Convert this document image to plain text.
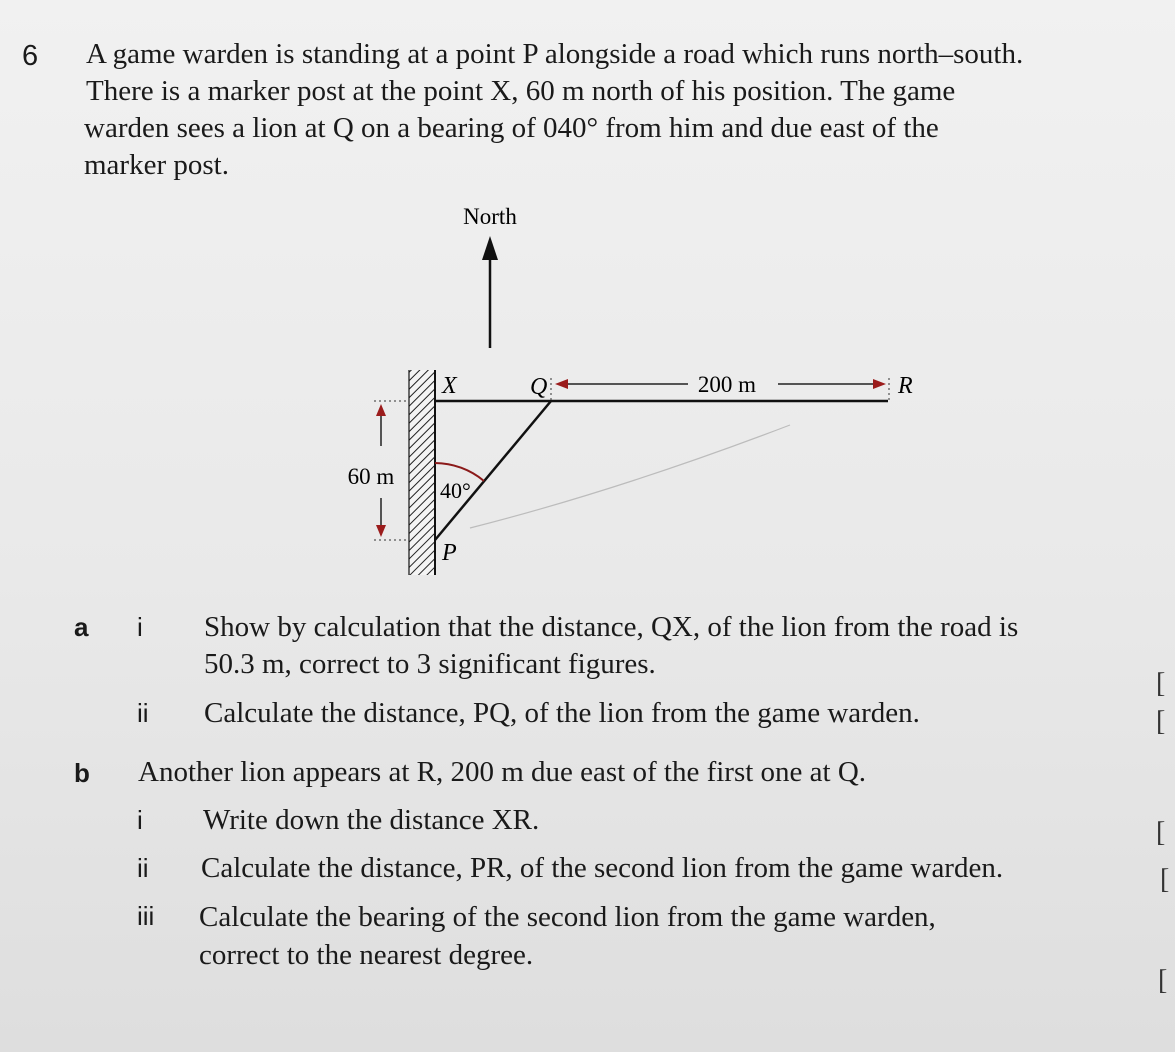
6 A game warden is standing at a point P alongside a road which runs north–south.
There is a marker post at the point X, 60 m north of his position. The game
warden sees a lion at Q on a bearing of 040° from him and due east of the
marker post.
North
X	Q	R
P
40°
200 m
60 m
a i Show by calculation that the distance, QX, of the lion from the road is
50.3 m, correct to 3 significant figures.
[
ii Calculate the distance, PQ, of the lion from the game warden.	[
b Another lion appears at R, 200 m due east of the first one at Q.
i Write down the distance XR.	[
ii Calculate the distance, PR, of the second lion from the game warden.	[
iii Calculate the bearing of the second lion from the game warden,
correct to the nearest degree.
[
